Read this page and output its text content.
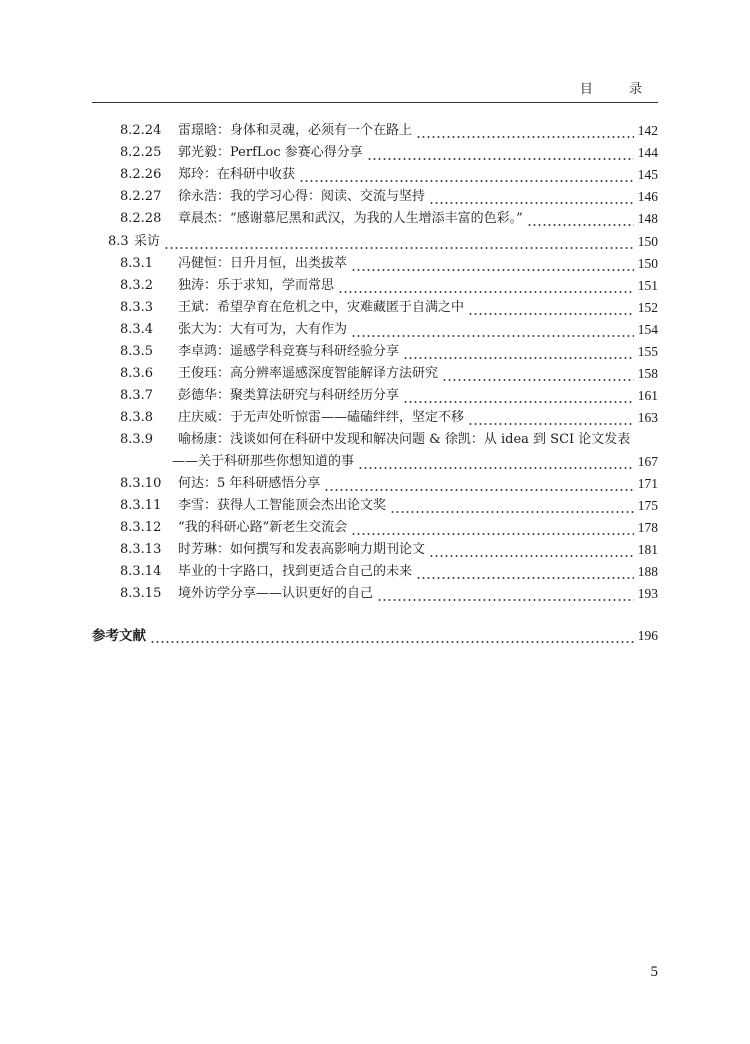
目 录
8.2.24	雷璟晗：身体和灵魂，必须有一个在路上	142
8.2.25	郭光毅：PerfLoc 参赛心得分享	144
8.2.26	郑玲：在科研中收获	145
8.2.27	徐永浩：我的学习心得：阅读、交流与坚持	146
8.2.28	章晨杰：“感谢慕尼黑和武汉，为我的人生增添丰富的色彩。”	148
8.3 采访	150
8.3.1	冯健恒：日升月恒，出类拔萃	150
8.3.2	独涛：乐于求知，学而常思	151
8.3.3	王斌：希望孕育在危机之中，灾难藏匿于自满之中	152
8.3.4	张大为：大有可为，大有作为	154
8.3.5	李卓鸿：遥感学科竞赛与科研经验分享	155
8.3.6	王俊珏：高分辨率遥感深度智能解译方法研究	158
8.3.7	彭德华：聚类算法研究与科研经历分享	161
8.3.8	庄庆威：于无声处听惊雷——磕磕绊绊，坚定不移	163
8.3.9	喻杨康：浅谈如何在科研中发现和解决问题 & 徐凯：从 idea 到 SCI 论文发表
——关于科研那些你想知道的事	167
8.3.10	何达：5 年科研感悟分享	171
8.3.11	李雪：获得人工智能顶会杰出论文奖	175
8.3.12	“我的科研心路”新老生交流会	178
8.3.13	时芳琳：如何撰写和发表高影响力期刊论文	181
8.3.14	毕业的十字路口，找到更适合自己的未来	188
8.3.15	境外访学分享——认识更好的自己	193
参考文献	196
5
